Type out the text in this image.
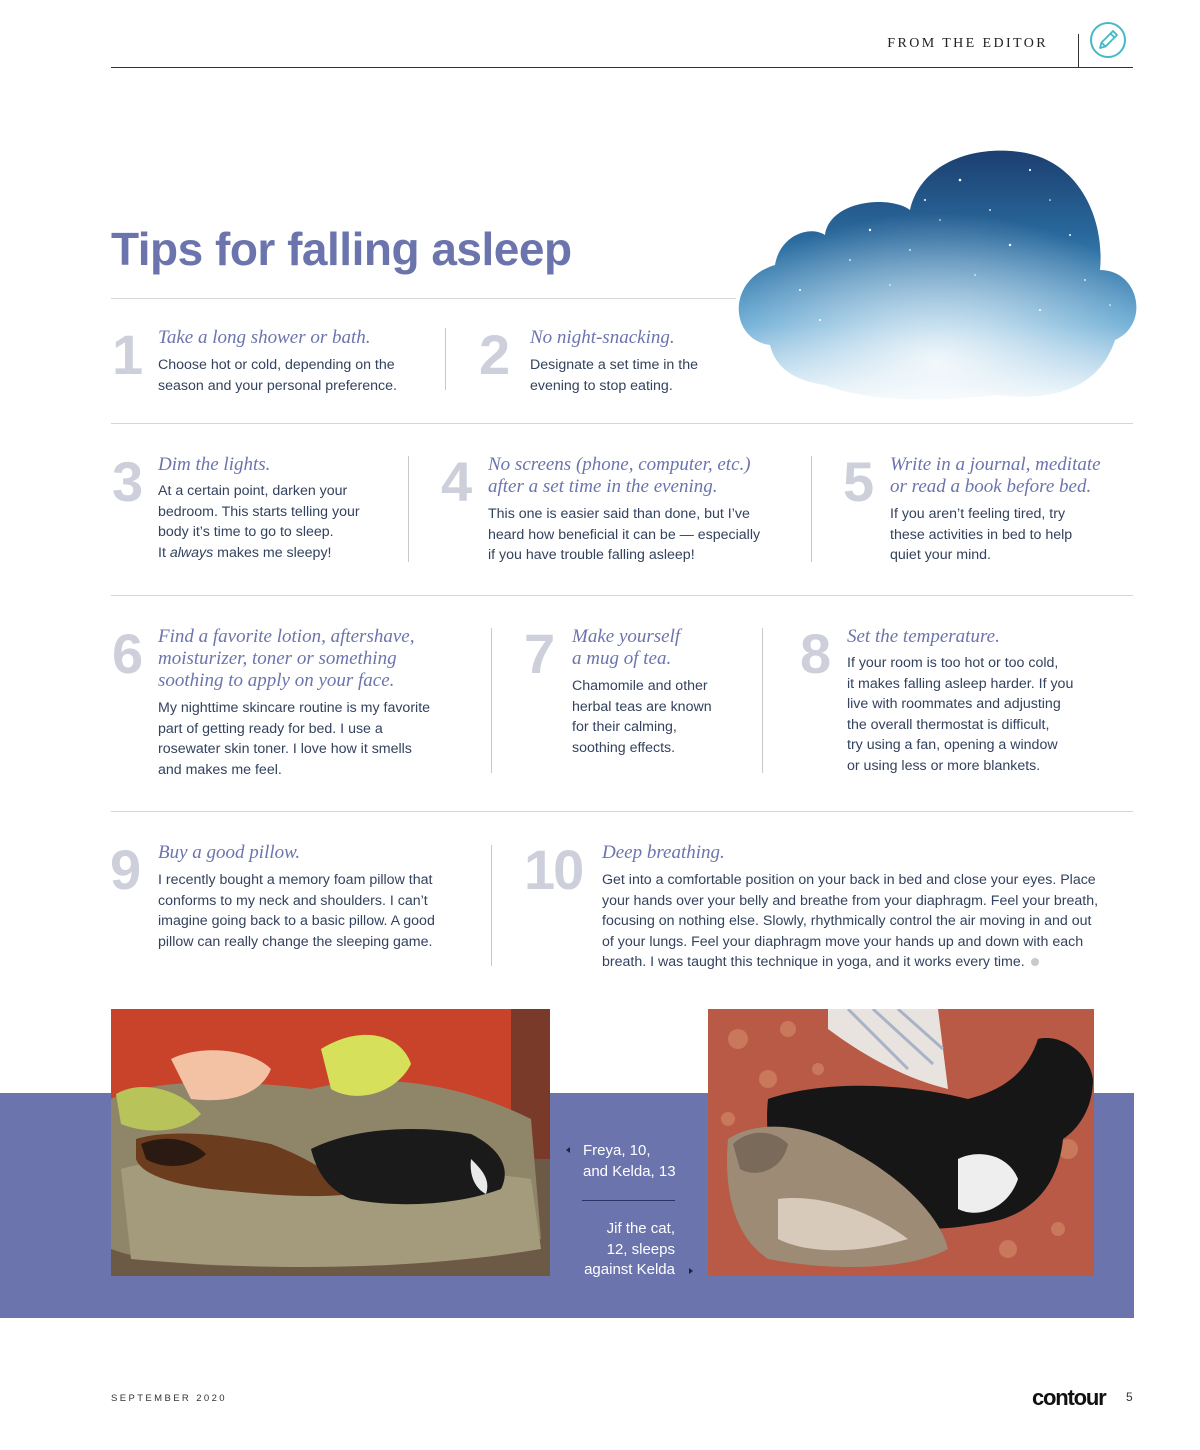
FROM THE EDITOR
Tips for falling asleep
1 Take a long shower or bath.
Choose hot or cold, depending on the
season and your personal preference. 2 No night-snacking.
Designate a set time in the
evening to stop eating.
3 Dim the lights.
At a certain point, darken your
bedroom. This starts telling your
body it’s time to go to sleep.
It always makes me sleepy!
4 No screens (phone, computer, etc.)
after a set time in the evening.
This one is easier said than done, but I’ve
heard how beneficial it can be — especially
if you have trouble falling asleep!
5 Write in a journal, meditate
or read a book before bed.
If you aren’t feeling tired, try
these activities in bed to help
quiet your mind.
6 Find a favorite lotion, aftershave,
moisturizer, toner or something
soothing to apply on your face.
My nighttime skincare routine is my favorite
part of getting ready for bed. I use a
rosewater skin toner. I love how it smells
and makes me feel.
7 Make yourself
a mug of tea.
Chamomile and other
herbal teas are known
for their calming,
soothing effects.
8 Set the temperature.
If your room is too hot or too cold,
it makes falling asleep harder. If you
live with roommates and adjusting
the overall thermostat is difficult,
try using a fan, opening a window
or using less or more blankets.
9 Buy a good pillow.
I recently bought a memory foam pillow that
conforms to my neck and shoulders. I can’t
imagine going back to a basic pillow. A good
pillow can really change the sleeping game.
10 Deep breathing.
Get into a comfortable position on your back in bed and close your eyes. Place
your hands over your belly and breathe from your diaphragm. Feel your breath,
focusing on nothing else. Slowly, rhythmically control the air moving in and out
of your lungs. Feel your diaphragm move your hands up and down with each
breath. I was taught this technique in yoga, and it works every time.
Freya, 10,
and Kelda, 13
Jif the cat,
12, sleeps
against Kelda
SEPTEMBER 2020	contour 5
